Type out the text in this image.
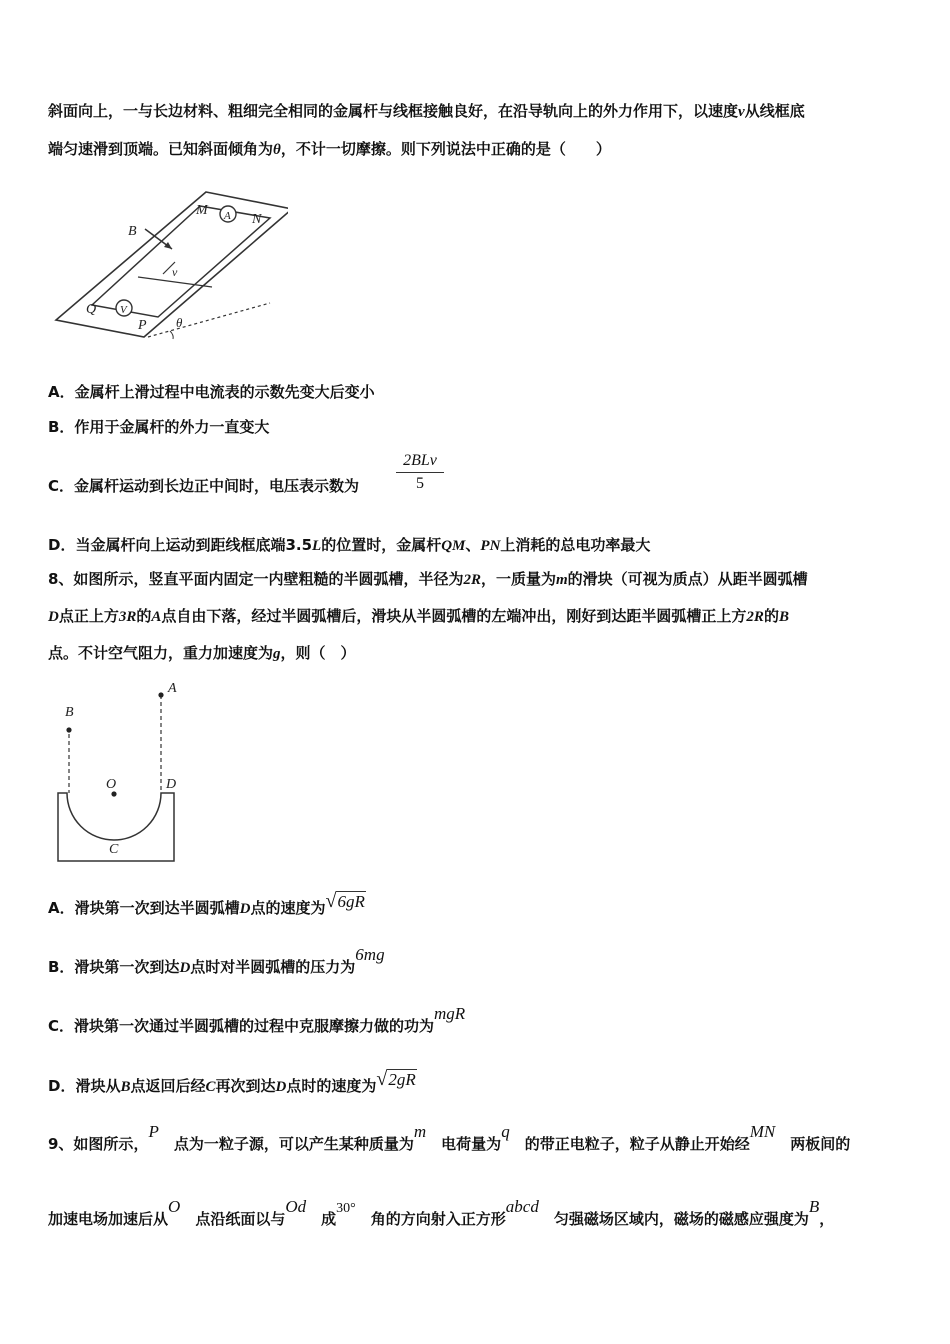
斜面向上，一与长边材料、粗细完全相同的金属杆与线框接触良好，在沿导轨向上的外力作用下，以速度v从线框底
端匀速滑到顶端。已知斜面倾角为θ，不计一切摩擦。则下列说法中正确的是（　　）
B
M A N
v
Q V
P θ
A．金属杆上滑过程中电流表的示数先变大后变小
B．作用于金属杆的外力一直变大
C．金属杆运动到长边正中间时，电压表示数为
2BLv
5
D．当金属杆向上运动到距线框底端3.5L的位置时，金属杆QM、PN上消耗的总电功率最大
8、如图所示，竖直平面内固定一内壁粗糙的半圆弧槽，半径为2R，一质量为m的滑块（可视为质点）从距半圆弧槽
D点正上方3R的A点自由下落，经过半圆弧槽后，滑块从半圆弧槽的左端冲出，刚好到达距半圆弧槽正上方2R的B
点。不计空气阻力，重力加速度为g，则（　）
A
B
O	D
C
A．滑块第一次到达半圆弧槽D点的速度为√6gR
B．滑块第一次到达D点时对半圆弧槽的压力为6mg
C．滑块第一次通过半圆弧槽的过程中克服摩擦力做的功为mgR
D．滑块从B点返回后经C再次到达D点时的速度为√2gR
9、如图所示，P　点为一粒子源，可以产生某种质量为m　电荷量为q　的带正电粒子，粒子从静止开始经MN　两板间的
加速电场加速后从O　点沿纸面以与Od　成30°　角的方向射入正方形abcd　匀强磁场区域内，磁场的磁感应强度为B，
